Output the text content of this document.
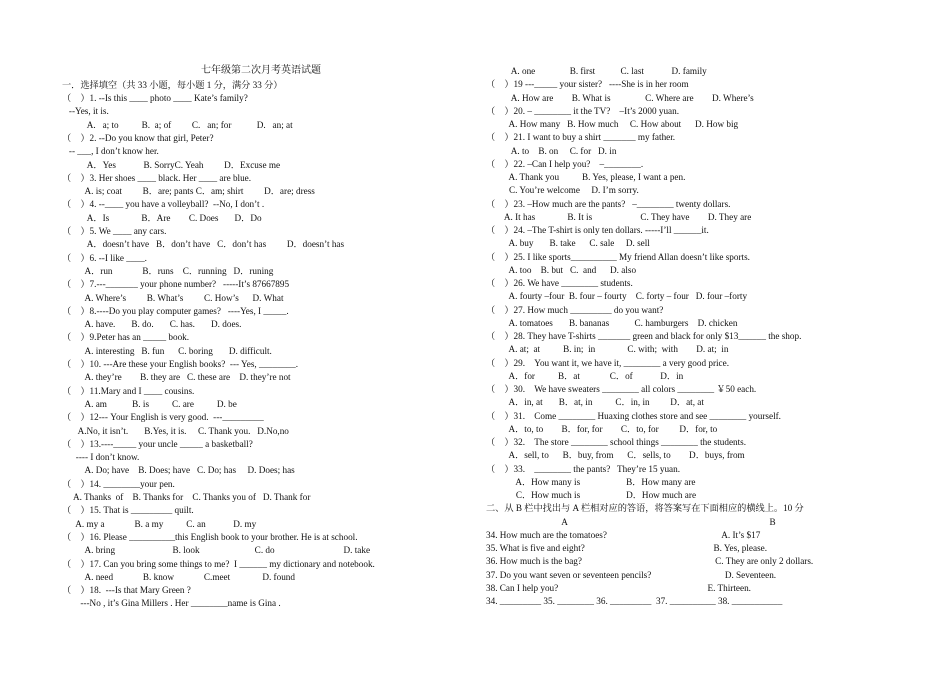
七年级第二次月考英语试题
一．选择填空（共 33 小题，每小题 1 分，满分 33 分）
（    ）1. --Is this ____ photo ____ Kate’s family?
--Yes, it is.
A.   a; to          B.  a; of         C.   an; for           D.   an; at
（    ）2. --Do you know that girl, Peter?
-- ___, I don’t know her.
A．Yes            B. SorryC. Yeah         D．Excuse me
（    ）3. Her shoes ____ black. Her ____ are blue.
A. is; coat         B．are; pants C．am; shirt         D．are; dress
（    ）4. --____ you have a volleyball?  --No, I don’t .
A．Is              B．Are        C. Does       D．Do
（    ）5. We ____ any cars.
A．doesn’t have   B．don’t have   C．don’t has         D．doesn’t has
（    ）6. --I like ____.
A．run             B．runs    C．running   D．runing
（    ）7.---_______ your phone number?   -----It’s 87667895
A. Where’s         B. What’s         C. How’s      D. What
（    ）8.----Do you play computer games?   ----Yes, I _____.
A. have.       B. do.       C. has.       D. does.
（    ）9.Peter has an _____ book.
A. interesting   B. fun      C. boring       D. difficult.
（    ）10. ---Are these your English books?  --- Yes, ________.
A. they’re        B. they are   C. these are    D. they’re not
（    ）11.Mary and I ____ cousins.
A. am           B. is          C. are          D. be
（    ）12--- Your English is very good.  ---_________
A.No, it isn’t.       B.Yes, it is.     C. Thank you.   D.No,no
（    ）13.----_____ your uncle _____ a basketball?
---- I don’t know.
A. Do; have    B. Does; have   C. Do; has     D. Does; has
（    ）14. ________your pen.
A. Thanks  of    B. Thanks for    C. Thanks you of   D. Thank for
（    ）15. That is _________ quilt.
A. my a             B. a my          C. an            D. my
（    ）16. Please __________this English book to your brother. He is at school.
A. bring                         B. look                        C. do                              D. take
（    ）17. Can you bring some things to me?  I ______ my dictionary and notebook.
A. need             B. know             C.meet              D. found
（    ）18.  ---Is that Mary Green ?
---No , it’s Gina Millers . Her ________name is Gina .
A. one               B. first           C. last            D. family
（    ）19 ---_____ your sister?   ----She is in her room
A. How are        B. What is               C. Where are        D. Where’s
（    ）20. – ________ it the TV?    –It’s 2000 yuan.
A. How many   B. How much     C. How about      D. How big
（    ）21. I want to buy a shirt _______ my father.
A. to    B. on     C. for   D. in
（    ）22. –Can I help you?    –________.
A. Thank you          B. Yes, please, I want a pen.
C. You’re welcome     D. I’m sorry.
（    ）23. –How much are the pants?   –________ twenty dollars.
A. It has              B. It is                     C. They have        D. They are
（    ）24. –The T-shirt is only ten dollars. -----I’ll ______it.
A. buy       B. take      C. sale     D. sell
（    ）25. I like sports__________ My friend Allan doesn’t like sports.
A. too    B. but   C.  and      D. also
（    ）26. We have ________ students.
A. fourty –four  B. four – fourty    C. forty – four   D. four –forty
（    ）27. How much _________ do you want?
A. tomatoes       B. bananas           C. hamburgers    D. chicken
（    ）28. They have T-shirts _______ green and black for only $13______ the shop.
A. at;  at          B. in;  in              C. with;  with        D. at;  in
（    ）29.    You want it, we have it, ________ a very good price.
A．for          B．at             C．of            D．in
（    ）30.    We have sweaters ________ all colors ________ ￥50 each.
A．in, at       B．at, in          C．in, in         D．at, at
（    ）31.    Come ________ Huaxing clothes store and see ________ yourself.
A．to, to        B．for, for        C．to, for         D．for, to
（    ）32.    The store ________ school things ________ the students.
A．sell, to      B．buy, from      C．sells, to        D．buys, from
（    ）33.    ________ the pants?   They’re 15 yuan.
A．How many is                    B．How many are
C．How much is                    D．How much are
二、从 B 栏中找出与 A 栏相对应的答语，将答案写在下面相应的横线上。10 分
A                                                                                        B
34. How much are the tomatoes?                                                  A. It’s $17
35. What is five and eight?                                                        B. Yes, please.
36. How much is the bag?                                                          C. They are only 2 dollars.
37. Do you want seven or seventeen pencils?                                D. Seventeen.
38. Can I help you?                                                                 E. Thirteen.
34. _________ 35. ________ 36. _________  37. __________ 38. ___________
